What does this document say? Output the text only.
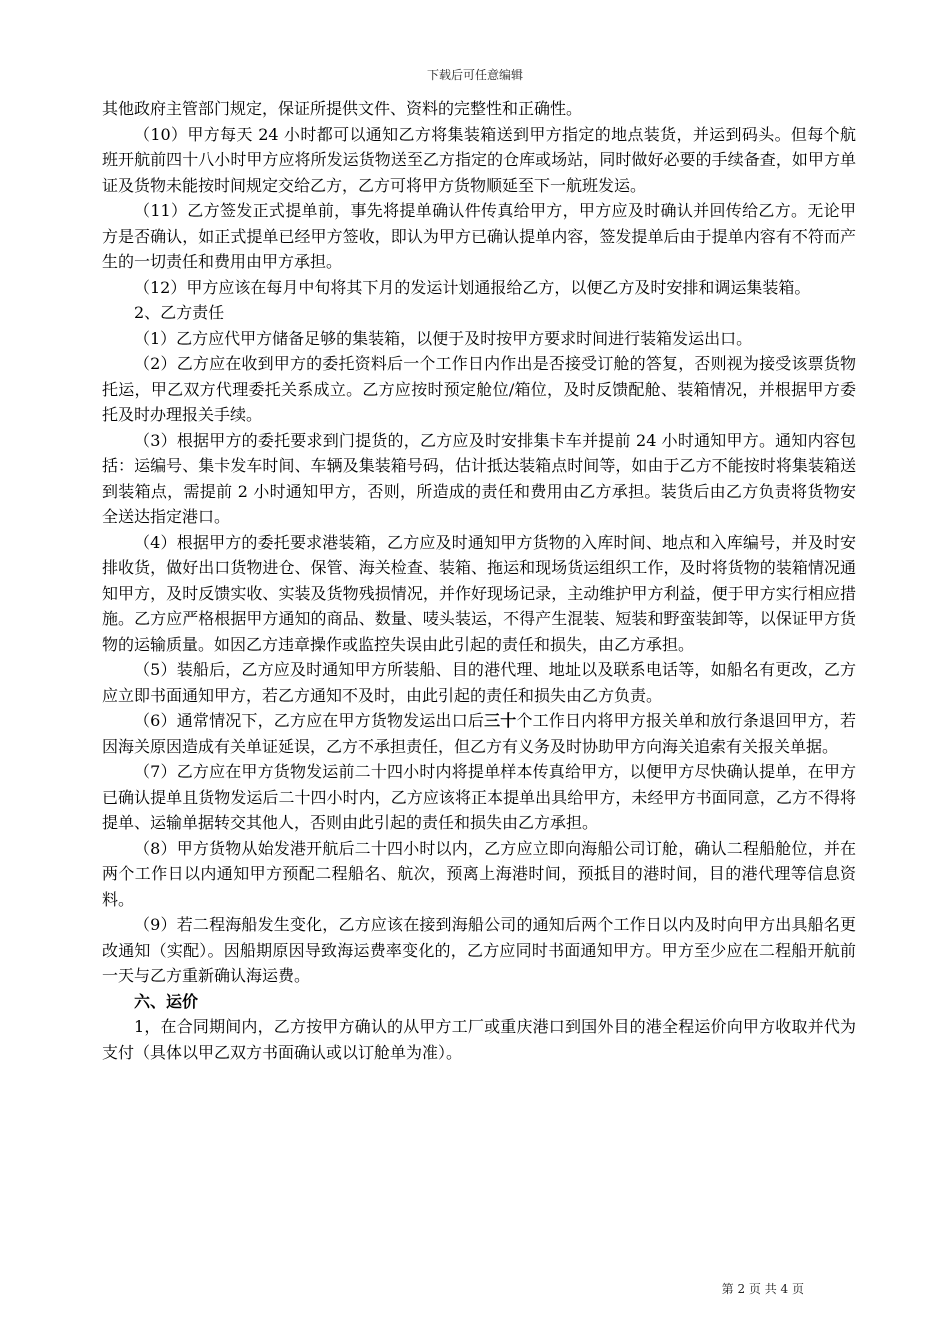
下载后可任意编辑

其他政府主管部门规定，保证所提供文件、资料的完整性和正确性。

（10）甲方每天 24 小时都可以通知乙方将集装箱送到甲方指定的地点装货，并运到码头。但每个航班开航前四十八小时甲方应将所发运货物送至乙方指定的仓库或场站，同时做好必要的手续备查，如甲方单证及货物未能按时间规定交给乙方，乙方可将甲方货物顺延至下一航班发运。

（11）乙方签发正式提单前，事先将提单确认件传真给甲方，甲方应及时确认并回传给乙方。无论甲方是否确认，如正式提单已经甲方签收，即认为甲方已确认提单内容，签发提单后由于提单内容有不符而产生的一切责任和费用由甲方承担。

（12）甲方应该在每月中旬将其下月的发运计划通报给乙方，以便乙方及时安排和调运集装箱。

2、乙方责任

（1）乙方应代甲方储备足够的集装箱，以便于及时按甲方要求时间进行装箱发运出口。

（2）乙方应在收到甲方的委托资料后一个工作日内作出是否接受订舱的答复，否则视为接受该票货物托运，甲乙双方代理委托关系成立。乙方应按时预定舱位/箱位，及时反馈配舱、装箱情况，并根据甲方委托及时办理报关手续。

（3）根据甲方的委托要求到门提货的，乙方应及时安排集卡车并提前 24 小时通知甲方。通知内容包括：运编号、集卡发车时间、车辆及集装箱号码，估计抵达装箱点时间等，如由于乙方不能按时将集装箱送到装箱点，需提前 2 小时通知甲方，否则，所造成的责任和费用由乙方承担。装货后由乙方负责将货物安全送达指定港口。

（4）根据甲方的委托要求港装箱，乙方应及时通知甲方货物的入库时间、地点和入库编号，并及时安排收货，做好出口货物进仓、保管、海关检查、装箱、拖运和现场货运组织工作，及时将货物的装箱情况通知甲方，及时反馈实收、实装及货物残损情况，并作好现场记录，主动维护甲方利益，便于甲方实行相应措施。乙方应严格根据甲方通知的商品、数量、唛头装运，不得产生混装、短装和野蛮装卸等，以保证甲方货物的运输质量。如因乙方违章操作或监控失误由此引起的责任和损失，由乙方承担。

（5）装船后，乙方应及时通知甲方所装船、目的港代理、地址以及联系电话等，如船名有更改，乙方应立即书面通知甲方，若乙方通知不及时，由此引起的责任和损失由乙方负责。

（6）通常情况下，乙方应在甲方货物发运出口后三十个工作日内将甲方报关单和放行条退回甲方，若因海关原因造成有关单证延误，乙方不承担责任，但乙方有义务及时协助甲方向海关追索有关报关单据。

（7）乙方应在甲方货物发运前二十四小时内将提单样本传真给甲方，以便甲方尽快确认提单，在甲方已确认提单且货物发运后二十四小时内，乙方应该将正本提单出具给甲方，未经甲方书面同意，乙方不得将提单、运输单据转交其他人，否则由此引起的责任和损失由乙方承担。

（8）甲方货物从始发港开航后二十四小时以内，乙方应立即向海船公司订舱，确认二程船舱位，并在两个工作日以内通知甲方预配二程船名、航次，预离上海港时间，预抵目的港时间，目的港代理等信息资料。

（9）若二程海船发生变化，乙方应该在接到海船公司的通知后两个工作日以内及时向甲方出具船名更改通知（实配）。因船期原因导致海运费率变化的，乙方应同时书面通知甲方。甲方至少应在二程船开航前一天与乙方重新确认海运费。

六、运价

1，在合同期间内，乙方按甲方确认的从甲方工厂或重庆港口到国外目的港全程运价向甲方收取并代为支付（具体以甲乙双方书面确认或以订舱单为准）。

第 2 页 共 4 页
